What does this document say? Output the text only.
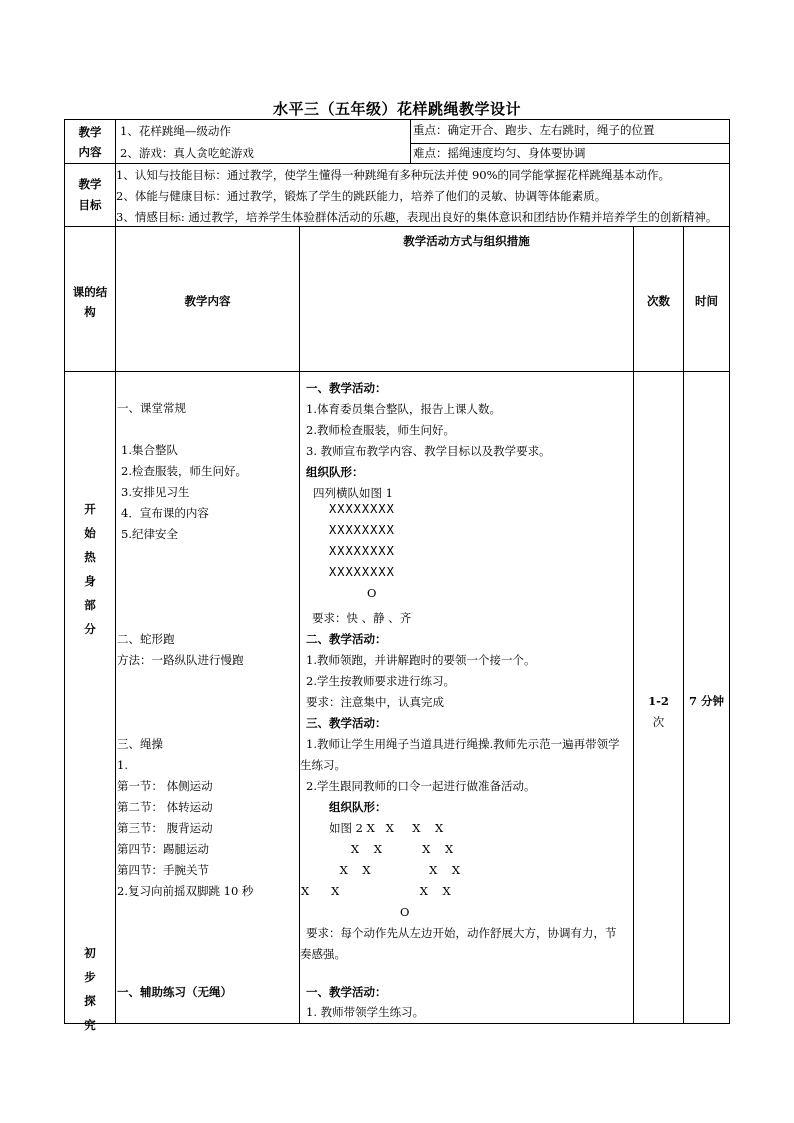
水平三（五年级）花样跳绳教学设计
教学
内容
1、花样跳绳—级动作
2、游戏：真人贪吃蛇游戏
重点：确定开合、跑步、左右跳时，绳子的位置
难点：摇绳速度均匀、身体要协调
教学
目标
1、认知与技能目标：通过教学，使学生懂得一种跳绳有多种玩法并使 90%的同学能掌握花样跳绳基本动作。
2、体能与健康目标：通过教学，锻炼了学生的跳跃能力，培养了他们的灵敏、协调等体能素质。
3、情感目标: 通过教学，培养学生体验群体活动的乐趣，表现出良好的集体意识和团结协作精并培养学生的创新精神。
课的结
构
教学内容
教学活动方式与组织措施
次数	时间
开
始
热
身
部
分
一、课堂常规
1.集合整队
2.检查服装，师生问好。
3.安排见习生
4．宣布课的内容
5.纪律安全
二、蛇形跑
方法：一路纵队进行慢跑
三、绳操
1.
第一节： 体侧运动
第二节： 体转运动
第三节： 腹背运动
第四节：踢腿运动
第四节：手腕关节
2.复习向前摇双脚跳 10 秒
一、教学活动：
1.体育委员集合整队，报告上课人数。
2.教师检查服装，师生问好。
3. 教师宣布教学内容、教学目标以及教学要求。
组织队形：
四列横队如图 1
XXXXXXXX
XXXXXXXX
XXXXXXXX
XXXXXXXX
O
要求：快 、静 、齐
二、教学活动：
1.教师领跑，并讲解跑时的要领一个接一个。
2.学生按教师要求进行练习。
要求：注意集中，认真完成
三、教学活动：
1.教师让学生用绳子当道具进行绳操.教师先示范一遍再带领学
生练习。
2.学生跟同教师的口令一起进行做准备活动。
组织队形：
如图 2 X   X     X    X
X    X           X    X
X    X                X    X
X      X                      X    X
O
要求：每个动作先从左边开始，动作舒展大方，协调有力，节
奏感强。
1-2
次
7 分钟
初
步
探
究
一、辅助练习（无绳）	一、教学活动：
1. 教师带领学生练习。
